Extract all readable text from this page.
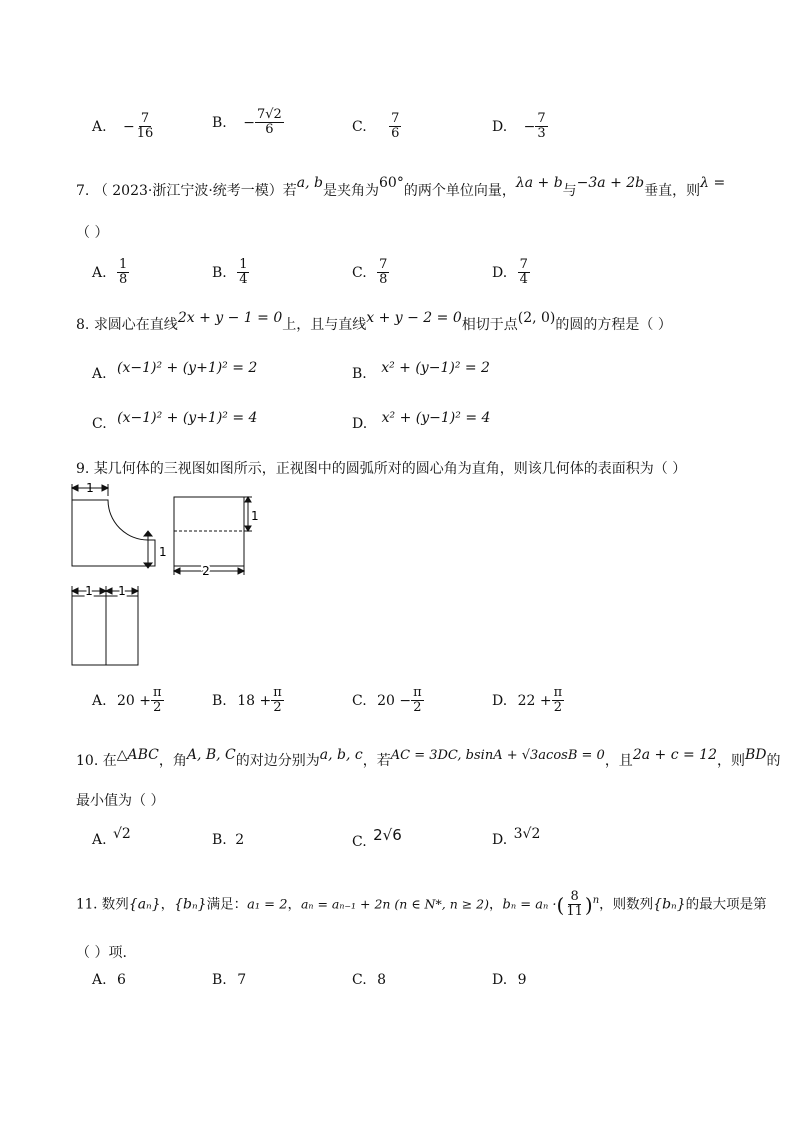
A. − $\frac{7}{16}$	B. − $\frac{7√2}{6}$	C. $\frac{7}{6}$	D. − $\frac{7}{3}$
7. （ 2023·浙江宁波·统考一模）若a, b是夹角为60°的两个单位向量，λa + b与−3a + 2b垂直，则λ =
（ ）
A. $\frac{1}{8}$	B. $\frac{1}{4}$	C. $\frac{7}{8}$	D. $\frac{7}{4}$
8. 求圆心在直线2x + y − 1 = 0上，且与直线x + y − 2 = 0相切于点(2, 0)的圆的方程是（ ）
A. (x−1)² + (y+1)² = 2	B. x² + (y−1)² = 2
C. (x−1)² + (y+1)² = 4	D. x² + (y−1)² = 4
9. 某几何体的三视图如图所示，正视图中的圆弧所对的圆心角为直角，则该几何体的表面积为（ ）
1
1
1
2
1 1
A. $20 + \frac{\pi}{2}$	B. $18 + \frac{\pi}{2}$	C. $20 - \frac{\pi}{2}$	D. $22 + \frac{\pi}{2}$
10. 在△ABC，角A, B, C的对边分别为a, b, c，若AC = 3DC, bsinA + √3acosB = 0，且2a + c = 12，则BD的
最小值为（ ）
A. √2	B. 2	C. 2√6	D. 3√2
11. 数列{aₙ}，{bₙ}满足：a₁ = 2，aₙ = aₙ₋₁ + 2n (n ∈ N*, n ≥ 2)，bₙ = aₙ ·( $\frac{8}{11} )^n$，则数列{bₙ}的最大项是第
（ ）项.
A. 6	B. 7	C. 8	D. 9
